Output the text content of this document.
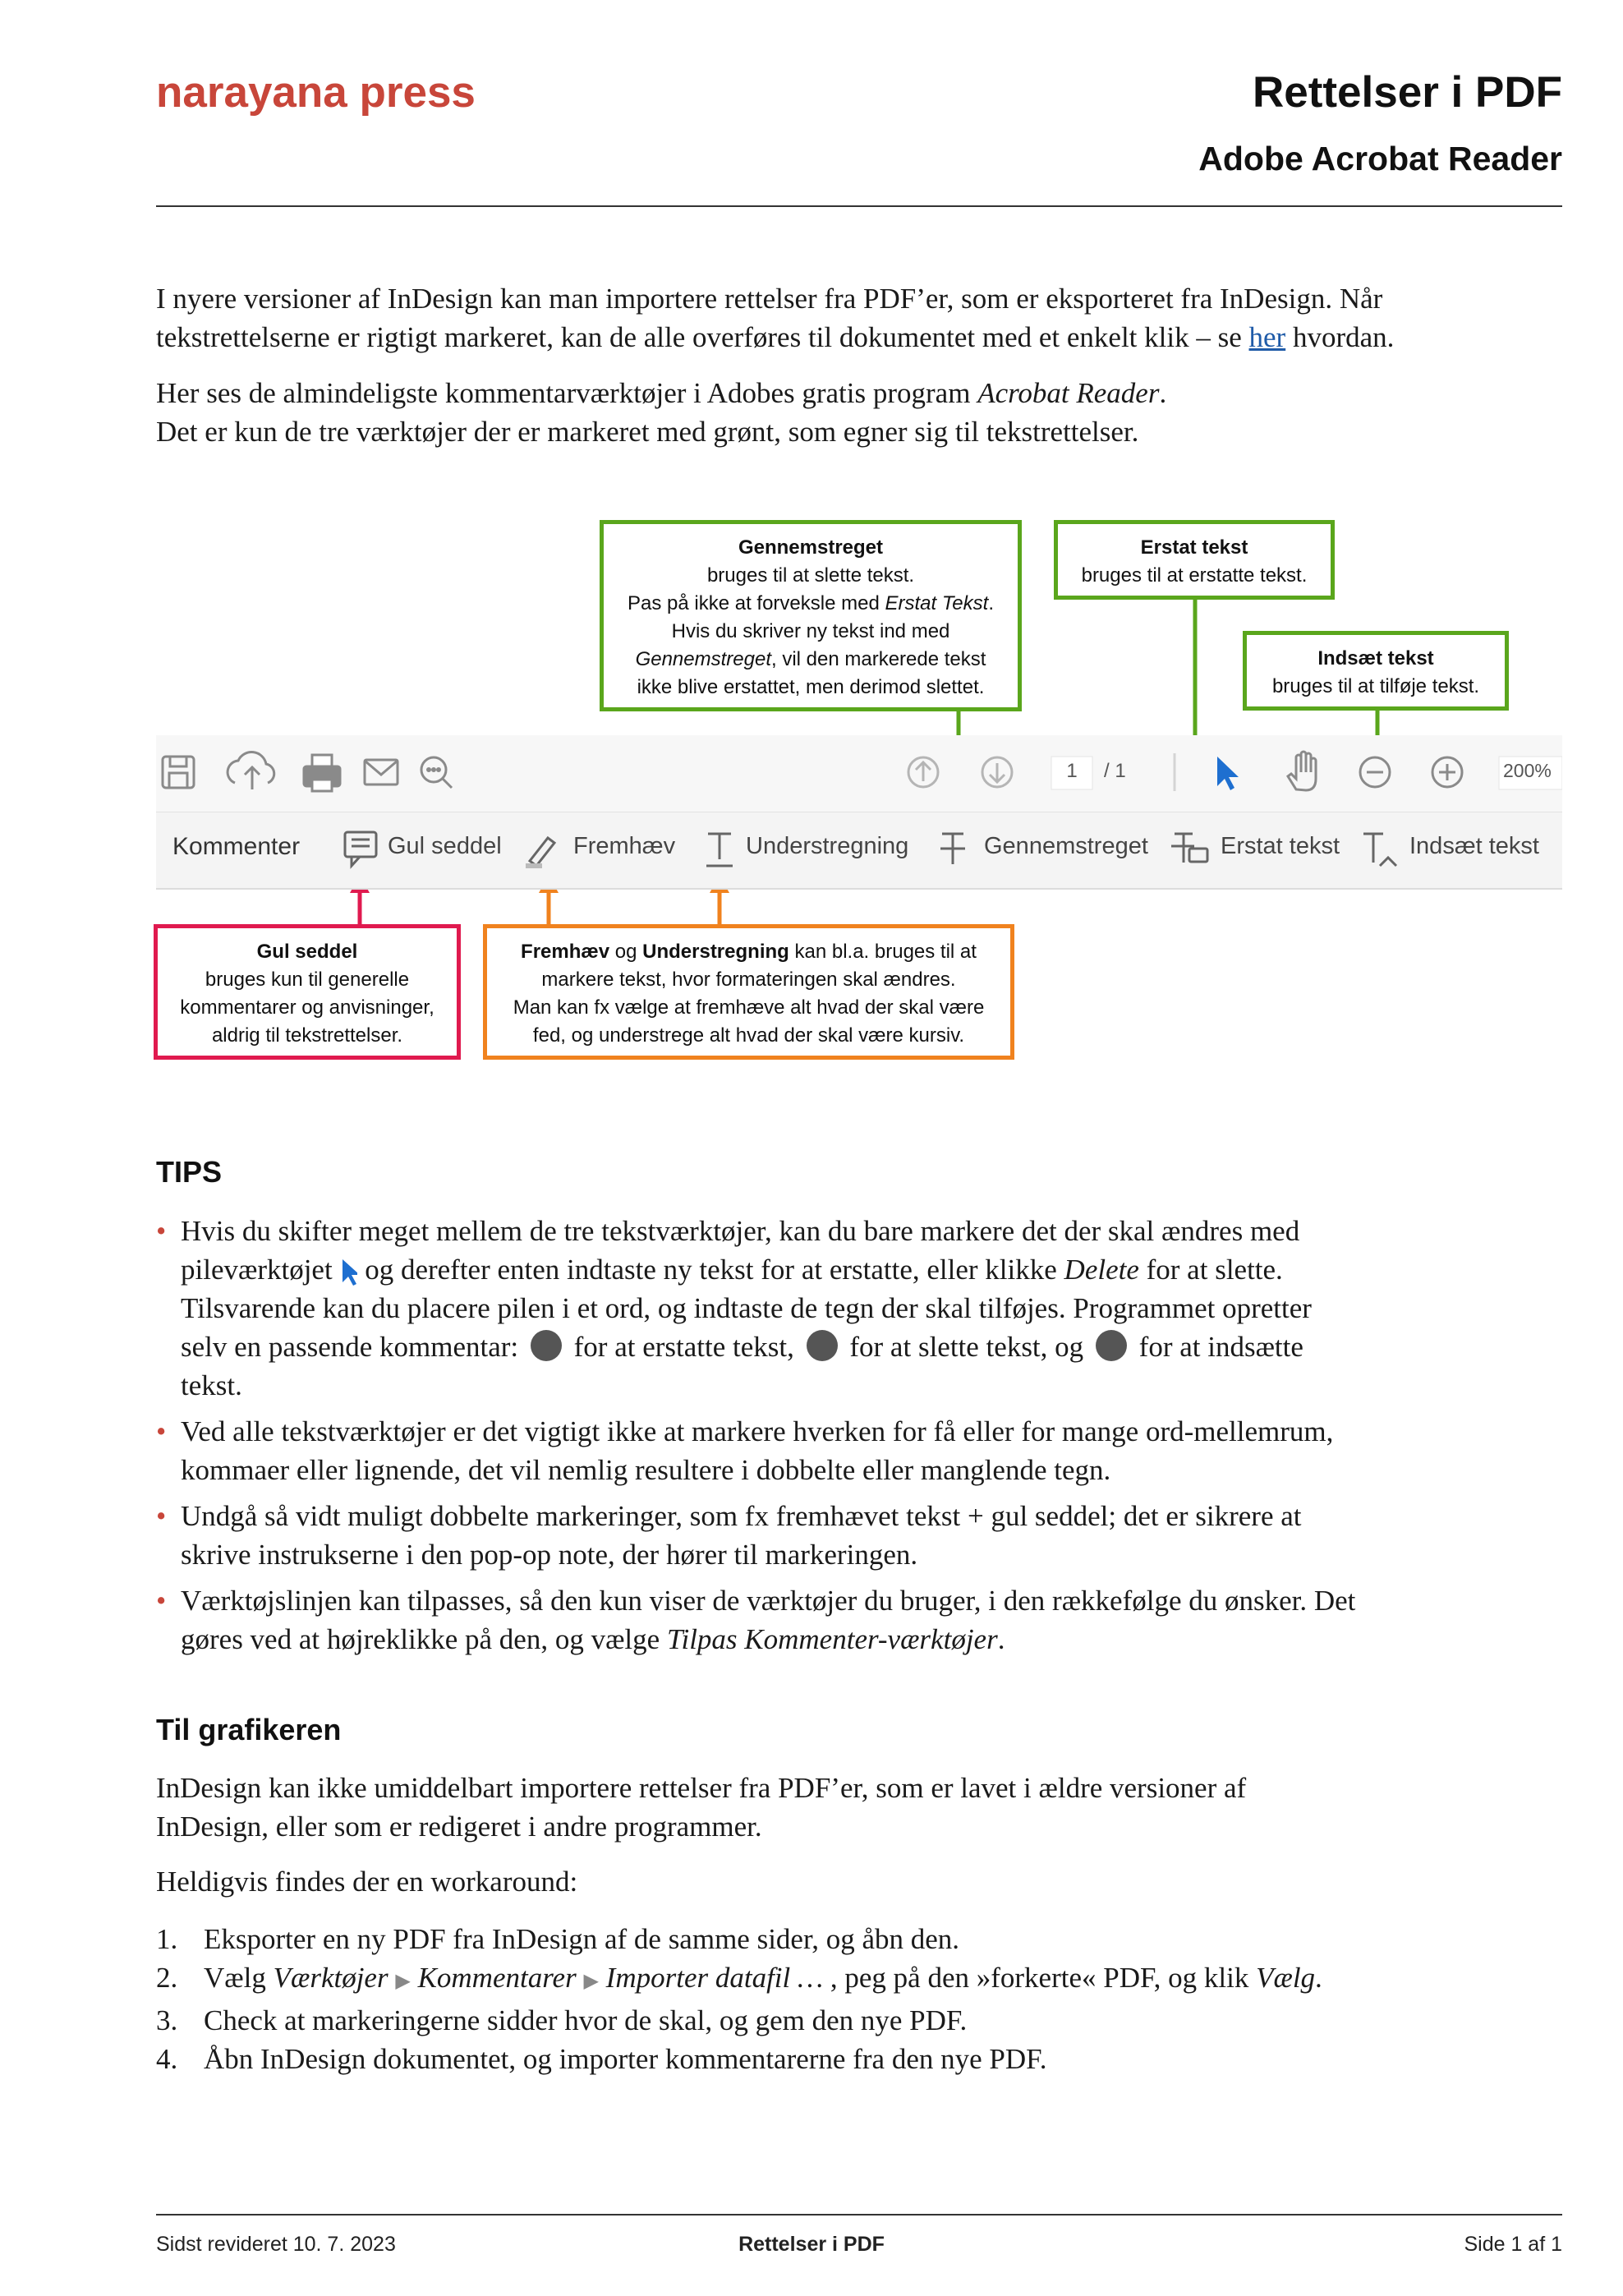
narayana press	Rettelser i PDF
Adobe Acrobat Reader
I nyere versioner af InDesign kan man importere rettelser fra PDF’er, som er eksporteret fra InDesign. Når tekstrettelserne er rigtigt markeret, kan de alle overføres til dokumentet med et enkelt klik – se her hvordan.
Her ses de almindeligste kommentarværktøjer i Adobes gratis program Acrobat Reader.
Det er kun de tre værktøjer der er markeret med grønt, som egner sig til tekstrettelser.
Gennemstreget
bruges til at slette tekst.
Pas på ikke at forveksle med Erstat Tekst.
Hvis du skriver ny tekst ind med
Gennemstreget, vil den markerede tekst
ikke blive erstattet, men derimod slettet.
Erstat tekst
bruges til at erstatte tekst.
Indsæt tekst
bruges til at tilføje tekst.
1	/ 1	200%
Kommenter	Gul seddel	Fremhæv	Understregning	Gennemstreget	Erstat tekst	Indsæt tekst
Gul seddel
bruges kun til generelle
kommentarer og anvisninger,
aldrig til tekstrettelser.
Fremhæv og Understregning kan bl.a. bruges til at
markere tekst, hvor formateringen skal ændres.
Man kan fx vælge at fremhæve alt hvad der skal være
fed, og understrege alt hvad der skal være kursiv.
TIPS
• Hvis du skifter meget mellem de tre tekstværktøjer, kan du bare markere det der skal ændres med pileværktøjet  og derefter enten indtaste ny tekst for at erstatte, eller klikke Delete for at slette. Tilsvarende kan du placere pilen i et ord, og indtaste de tegn der skal tilføjes. Programmet opretter selv en passende kommentar:  for at erstatte tekst,  for at slette tekst, og  for at indsætte tekst.
• Ved alle tekstværktøjer er det vigtigt ikke at markere hverken for få eller for mange ord-mellemrum, kommaer eller lignende, det vil nemlig resultere i dobbelte eller manglende tegn.
• Undgå så vidt muligt dobbelte markeringer, som fx fremhævet tekst + gul seddel; det er sikrere at skrive instrukserne i den pop-op note, der hører til markeringen.
• Værktøjslinjen kan tilpasses, så den kun viser de værktøjer du bruger, i den rækkefølge du ønsker. Det gøres ved at højreklikke på den, og vælge Tilpas Kommenter-værktøjer.
Til grafikeren
InDesign kan ikke umiddelbart importere rettelser fra PDF’er, som er lavet i ældre versioner af InDesign, eller som er redigeret i andre programmer.
Heldigvis findes der en workaround:
1. Eksporter en ny PDF fra InDesign af de samme sider, og åbn den.
2. Vælg Værktøjer ▶ Kommentarer ▶ Importer datafil … , peg på den »forkerte« PDF, og klik Vælg.
3. Check at markeringerne sidder hvor de skal, og gem den nye PDF.
4. Åbn InDesign dokumentet, og importer kommentarerne fra den nye PDF.
Sidst revideret 10. 7. 2023	Rettelser i PDF	Side 1 af 1
